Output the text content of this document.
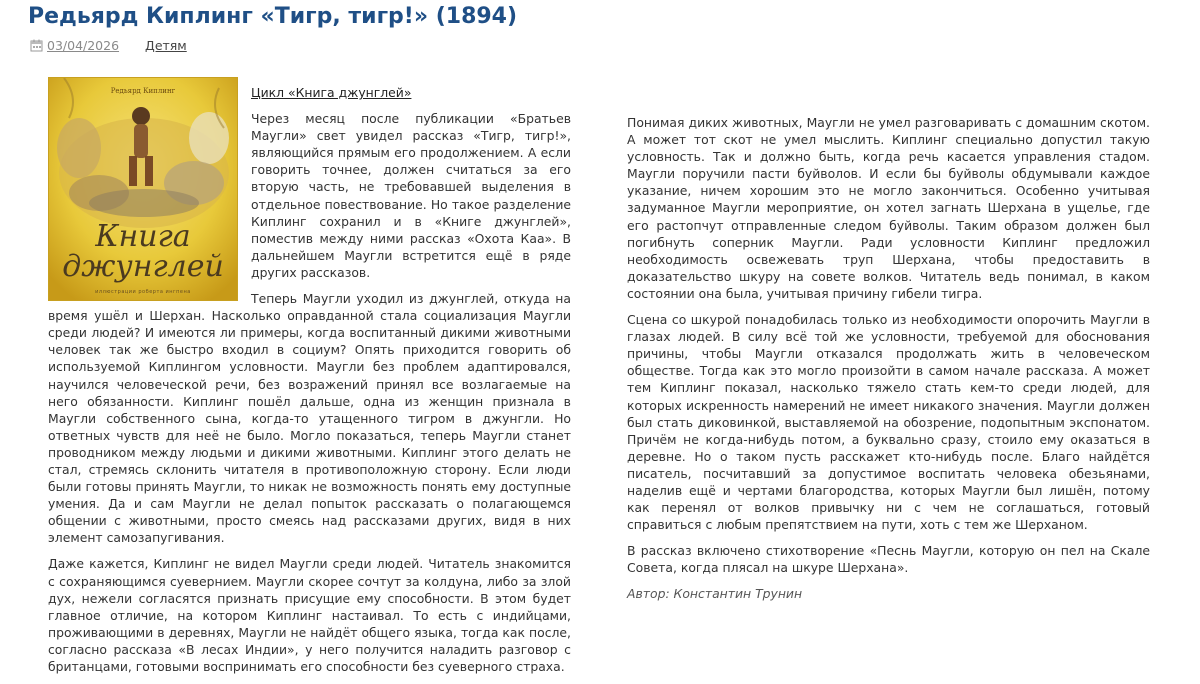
Редьярд Киплинг «Тигр, тигр!» (1894)
03/04/2026 Детям
Редьярд Киплинг
Книга
джунглей
иллюстрации роберта ингпена

Цикл «Книга джунглей»

Через месяц после публикации «Братьев Маугли» свет увидел рассказ «Тигр, тигр!», являющийся прямым его продолжением. А если говорить точнее, должен считаться за его вторую часть, не требовавшей выделения в отдельное повествование. Но такое разделение Киплинг сохранил и в «Книге джунглей», поместив между ними рассказ «Охота Каа». В дальнейшем Маугли встретится ещё в ряде других рассказов.

Теперь Маугли уходил из джунглей, откуда на время ушёл и Шерхан. Насколько оправданной стала социализация Маугли среди людей? И имеются ли примеры, когда воспитанный дикими животными человек так же быстро входил в социум? Опять приходится говорить об используемой Киплингом условности. Маугли без проблем адаптировался, научился человеческой речи, без возражений принял все возлагаемые на него обязанности. Киплинг пошёл дальше, одна из женщин признала в Маугли собственного сына, когда-то утащенного тигром в джунгли. Но ответных чувств для неё не было. Могло показаться, теперь Маугли станет проводником между людьми и дикими животными. Киплинг этого делать не стал, стремясь склонить читателя в противоположную сторону. Если люди были готовы принять Маугли, то никак не возможность понять ему доступные умения. Да и сам Маугли не делал попыток рассказать о полагающемся общении с животными, просто смеясь над рассказами других, видя в них элемент самозапугивания.

Даже кажется, Киплинг не видел Маугли среди людей. Читатель знакомится с сохраняющимся суевернием. Маугли скорее сочтут за колдуна, либо за злой дух, нежели согласятся признать присущие ему способности. В этом будет главное отличие, на котором Киплинг настаивал. То есть с индийцами, проживающими в деревнях, Маугли не найдёт общего языка, тогда как после, согласно рассказа «В лесах Индии», у него получится наладить разговор с британцами, готовыми воспринимать его способности без суеверного страха.

Понимая диких животных, Маугли не умел разговаривать с домашним скотом. А может тот скот не умел мыслить. Киплинг специально допустил такую условность. Так и должно быть, когда речь касается управления стадом. Маугли поручили пасти буйволов. И если бы буйволы обдумывали каждое указание, ничем хорошим это не могло закончиться. Особенно учитывая задуманное Маугли мероприятие, он хотел загнать Шерхана в ущелье, где его растопчут отправленные следом буйволы. Таким образом должен был погибнуть соперник Маугли. Ради условности Киплинг предложил необходимость освежевать труп Шерхана, чтобы предоставить в доказательство шкуру на совете волков. Читатель ведь понимал, в каком состоянии она была, учитывая причину гибели тигра.

Сцена со шкурой понадобилась только из необходимости опорочить Маугли в глазах людей. В силу всё той же условности, требуемой для обоснования причины, чтобы Маугли отказался продолжать жить в человеческом обществе. Тогда как это могло произойти в самом начале рассказа. А может тем Киплинг показал, насколько тяжело стать кем-то среди людей, для которых искренность намерений не имеет никакого значения. Маугли должен был стать диковинкой, выставляемой на обозрение, подопытным экспонатом. Причём не когда-нибудь потом, а буквально сразу, стоило ему оказаться в деревне. Но о таком пусть расскажет кто-нибудь после. Благо найдётся писатель, посчитавший за допустимое воспитать человека обезьянами, наделив ещё и чертами благородства, которых Маугли был лишён, потому как перенял от волков привычку ни с чем не соглашаться, готовый справиться с любым препятствием на пути, хоть с тем же Шерханом.

В рассказ включено стихотворение «Песнь Маугли, которую он пел на Скале Совета, когда плясал на шкуре Шерхана».

Автор: Константин Трунин
